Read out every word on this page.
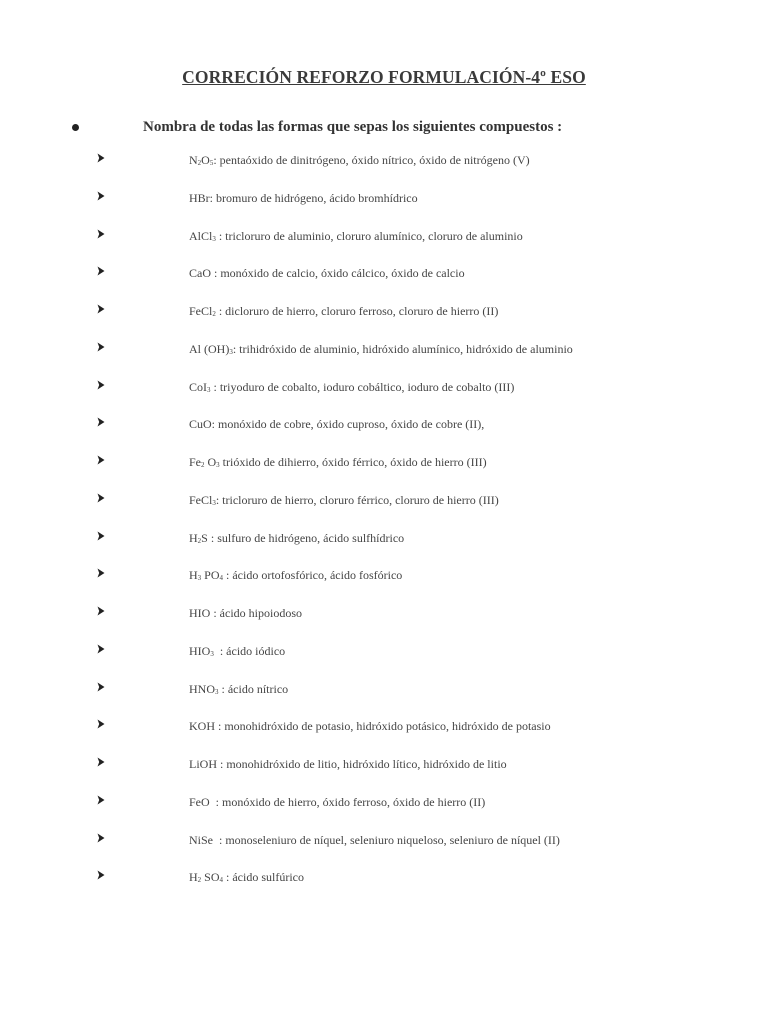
CORRECIÓN REFORZO FORMULACIÓN-4º ESO
Nombra de todas las formas que sepas los siguientes compuestos :
$N_2O_5$: pentaóxido de dinitrógeno, óxido nítrico, óxido de nitrógeno (V)
HBr: bromuro de hidrógeno, ácido bromhídrico
AlCl$_3$ : tricloruro de aluminio, cloruro alumínico, cloruro de aluminio
CaO : monóxido de calcio, óxido cálcico, óxido de calcio
FeCl$_2$ : dicloruro de hierro, cloruro ferroso, cloruro de hierro (II)
Al $(OH)_3$: trihidróxido de aluminio, hidróxido alumínico, hidróxido de aluminio
CoI$_3$ : triyoduro de cobalto, ioduro cobáltico, ioduro de cobalto (III)
CuO: monóxido de cobre, óxido cuproso, óxido de cobre (II),
$Fe_2$ $O_3$ trióxido de dihierro, óxido férrico, óxido de hierro (III)
FeCl$_3$: tricloruro de hierro, cloruro férrico, cloruro de hierro (III)
$H_2S$ : sulfuro de hidrógeno, ácido sulfhídrico
$H_3$ $PO_4$ : ácido ortofosfórico, ácido fosfórico
HIO : ácido hipoiodoso
$HIO_3$  : ácido iódico
$HNO_3$ : ácido nítrico
KOH : monohidróxido de potasio, hidróxido potásico, hidróxido de potasio
LiOH : monohidróxido de litio, hidróxido lítico, hidróxido de litio
FeO  : monóxido de hierro, óxido ferroso, óxido de hierro (II)
NiSe  : monoseleniuro de níquel, seleniuro niqueloso, seleniuro de níquel (II)
$H_2$ $SO_4$ : ácido sulfúrico
